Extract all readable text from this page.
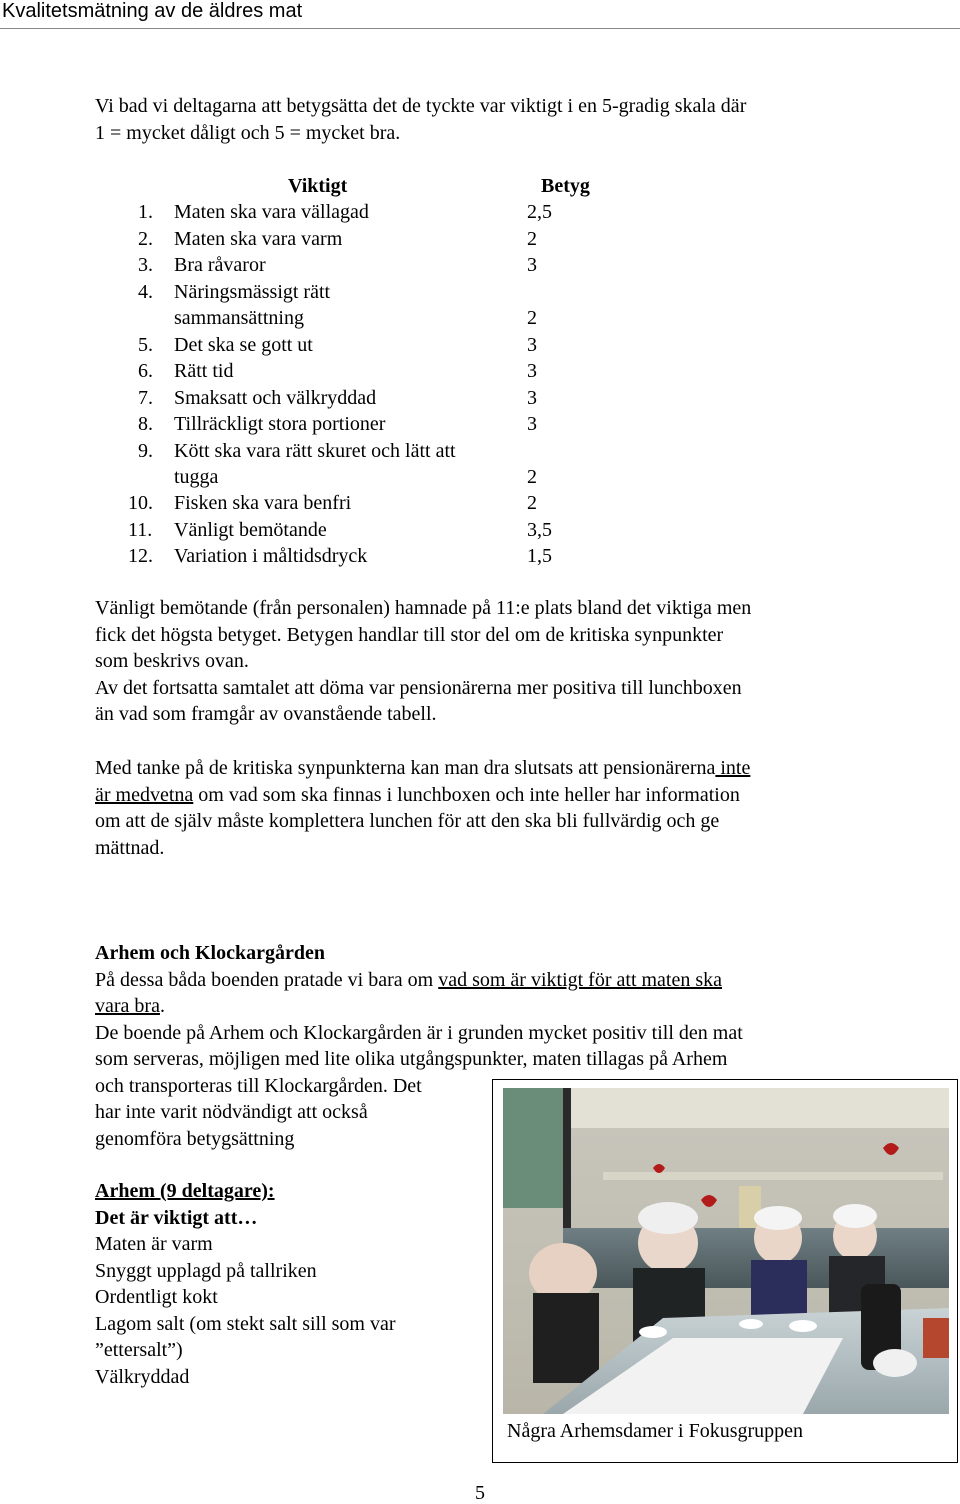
Kvalitetsmätning av de äldres mat
Vi bad vi deltagarna att betygsätta det de tyckte var viktigt i en 5-gradig skala där
1 = mycket dåligt och 5 = mycket bra.
Viktigt	Betyg
1. Maten ska vara vällagad	2,5
2. Maten ska vara varm	2
3. Bra råvaror	3
4. Näringsmässigt rätt
sammansättning	2
5. Det ska se gott ut	3
6. Rätt tid	3
7. Smaksatt och välkryddad	3
8. Tillräckligt stora portioner	3
9. Kött ska vara rätt skuret och lätt att
tugga	2
10. Fisken ska vara benfri	2
11. Vänligt bemötande	3,5
12. Variation i måltidsdryck	1,5
Vänligt bemötande (från personalen) hamnade på 11:e plats bland det viktiga men
fick det högsta betyget. Betygen handlar till stor del om de kritiska synpunkter
som beskrivs ovan.
Av det fortsatta samtalet att döma var pensionärerna mer positiva till lunchboxen
än vad som framgår av ovanstående tabell.
Med tanke på de kritiska synpunkterna kan man dra slutsats att pensionärerna inte
är medvetna om vad som ska finnas i lunchboxen och inte heller har information
om att de själv måste komplettera lunchen för att den ska bli fullvärdig och ge
mättnad.
Arhem och Klockargården
På dessa båda boenden pratade vi bara om vad som är viktigt för att maten ska
vara bra.
De boende på Arhem och Klockargården är i grunden mycket positiv till den mat
som serveras, möjligen med lite olika utgångspunkter, maten tillagas på Arhem
och transporteras till Klockargården. Det
har inte varit nödvändigt att också
genomföra betygsättning
Arhem (9 deltagare):
Det är viktigt att…
Maten är varm
Snyggt upplagd på tallriken
Ordentligt kokt
Lagom salt (om stekt salt sill som var
”ettersalt”)
Välkryddad
Några Arhemsdamer i Fokusgruppen
5
